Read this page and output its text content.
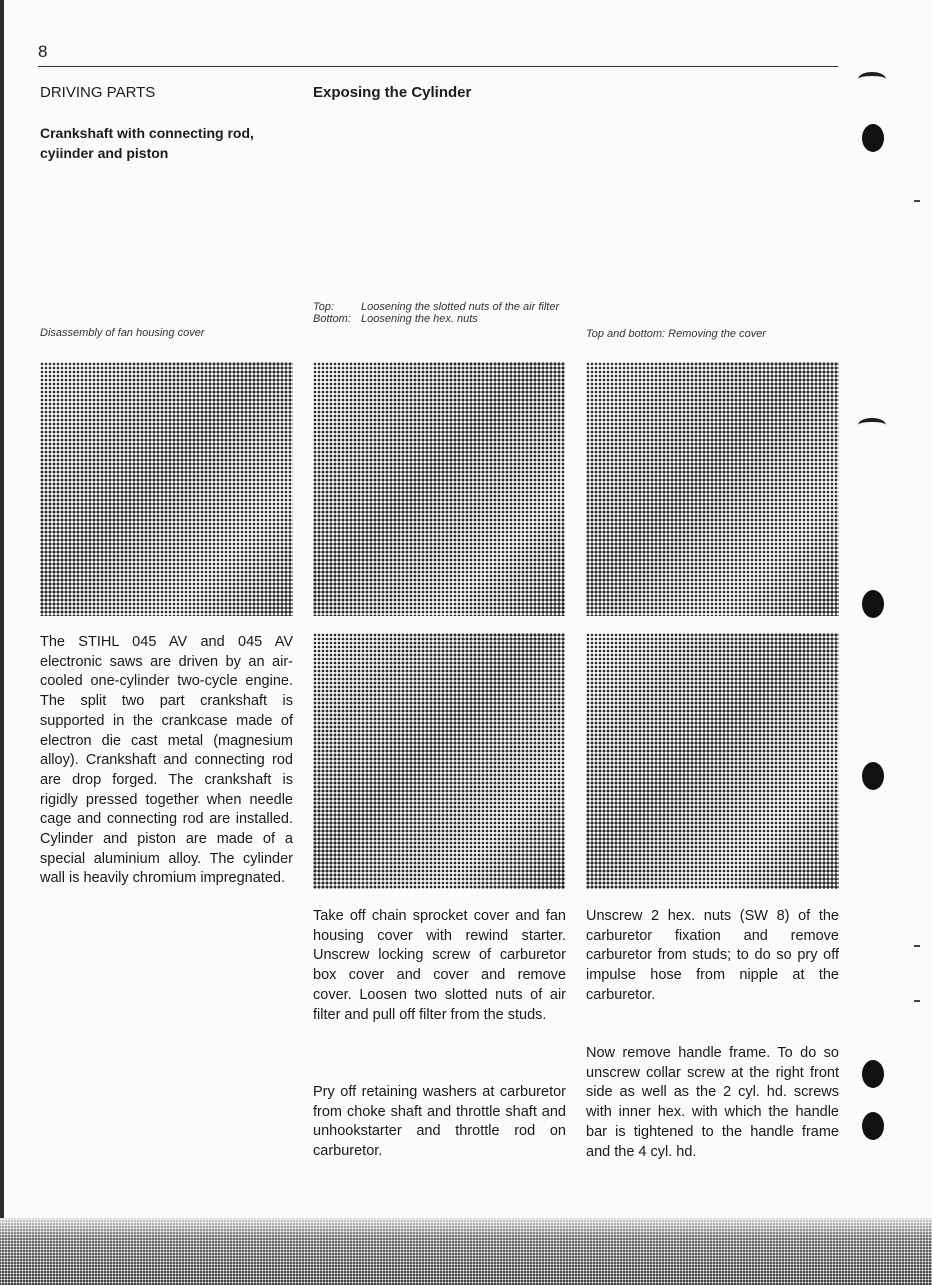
8
DRIVING PARTS	Exposing the Cylinder
Crankshaft with connecting rod,
cyiinder and piston
Disassembly of fan housing cover
Top:	Loosening the slotted nuts of the air filter
Bottom: Loosening the hex. nuts
Top and bottom: Removing the cover
The STIHL 045 AV and 045 AV electronic saws are driven by an air-cooled one-cylinder two-cycle engine. The split two part crankshaft is supported in the crankcase made of electron die cast metal (magnesium alloy). Crankshaft and connecting rod are drop forged. The crankshaft is rigidly pressed together when needle cage and connecting rod are installed. Cylinder and piston are made of a special aluminium alloy. The cylinder wall is heavily chromium impregnated.
Take off chain sprocket cover and fan housing cover with rewind starter. Unscrew locking screw of carburetor box cover and cover and remove cover. Loosen two slotted nuts of air filter and pull off filter from the studs.
Pry off retaining washers at carburetor from choke shaft and throttle shaft and unhookstarter and throttle rod on carburetor.
Unscrew 2 hex. nuts (SW 8) of the carburetor fixation and remove carburetor from studs; to do so pry off impulse hose from nipple at the carburetor.
Now remove handle frame. To do so unscrew collar screw at the right front side as well as the 2 cyl. hd. screws with inner hex. with which the handle bar is tightened to the handle frame and the 4 cyl. hd.
